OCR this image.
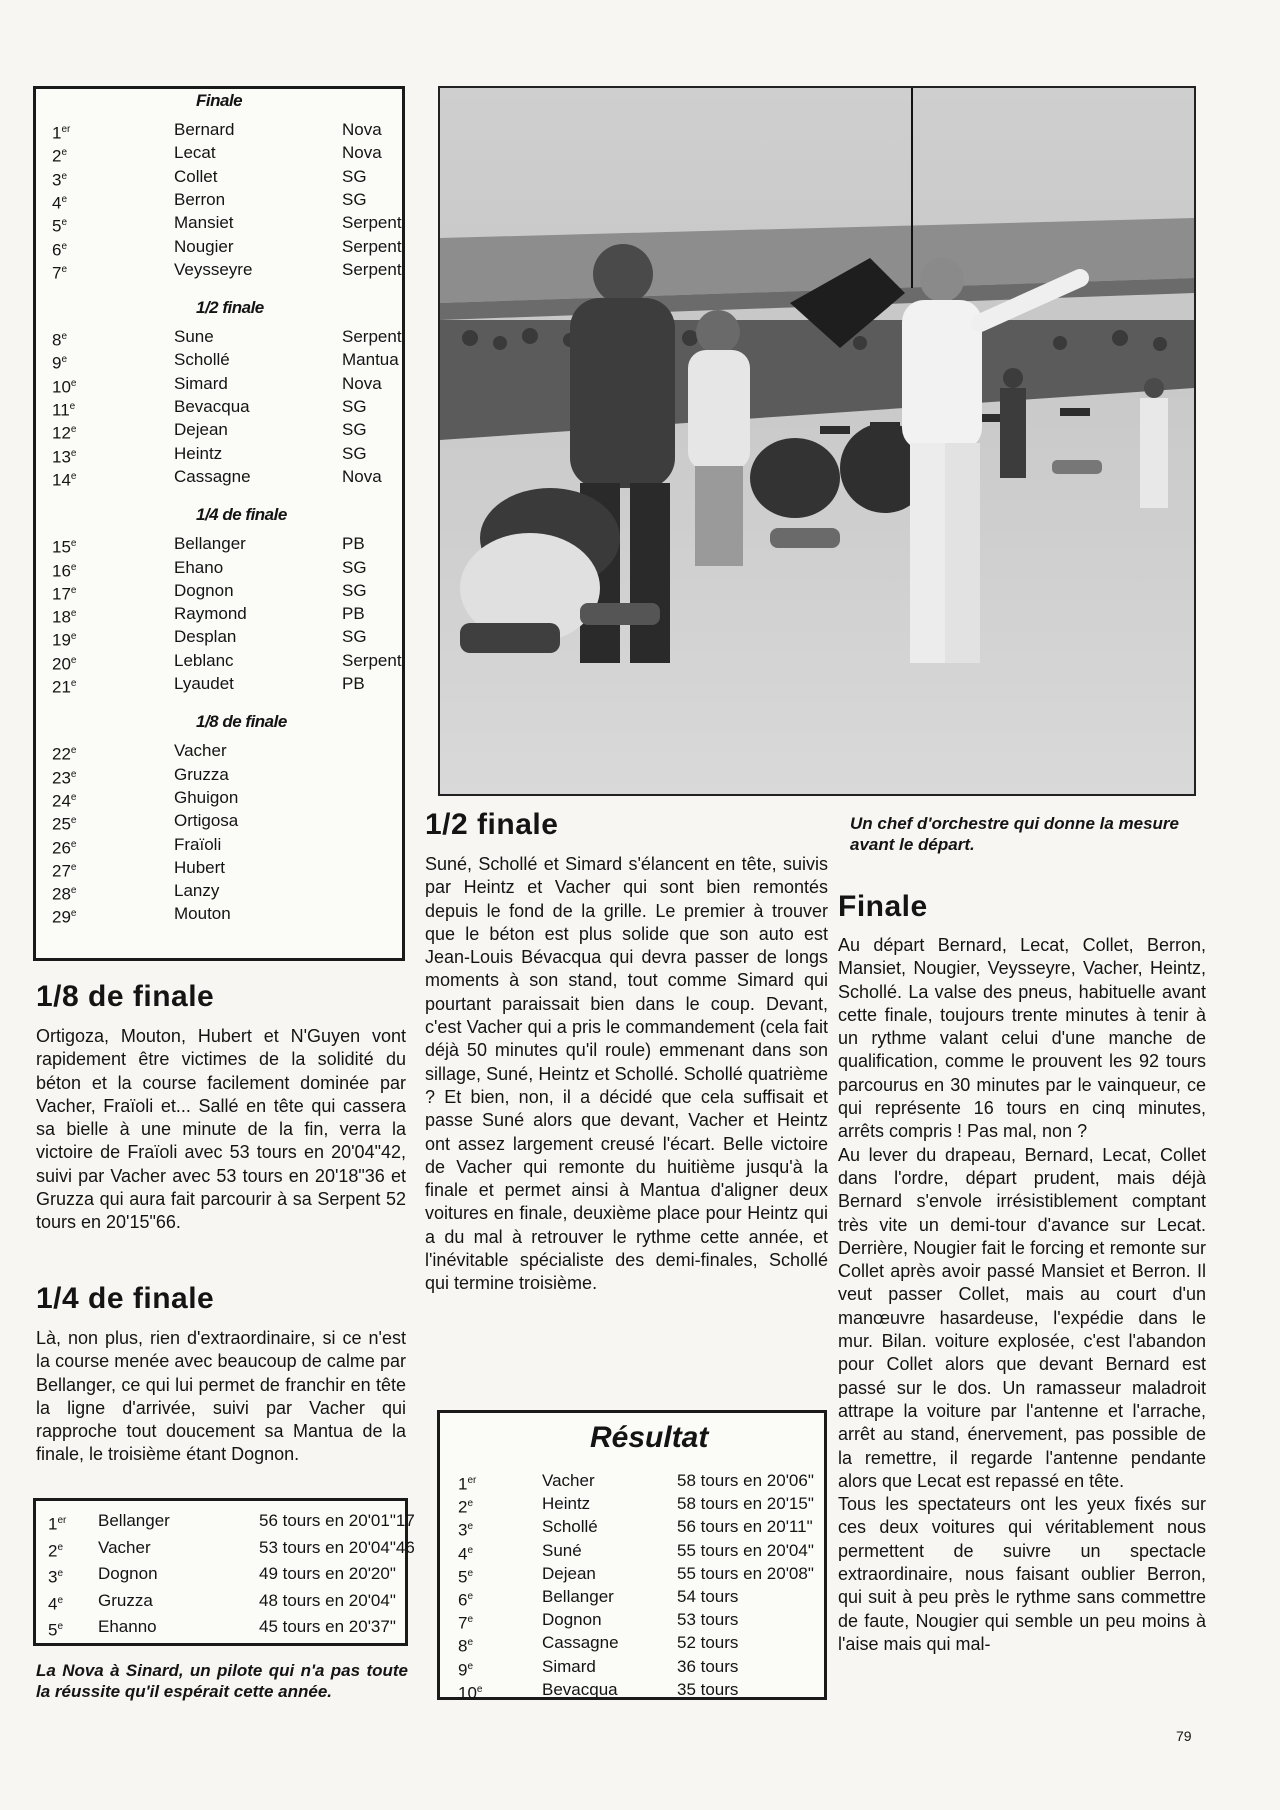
Finale
1er	Bernard	Nova
2e	Lecat	Nova
3e	Collet	SG
4e	Berron	SG
5e	Mansiet	Serpent
6e	Nougier	Serpent
7e	Veysseyre	Serpent
1/2 finale
8e	Sune	Serpent
9e	Schollé	Mantua
10e	Simard	Nova
11e	Bevacqua	SG
12e	Dejean	SG
13e	Heintz	SG
14e	Cassagne	Nova
1/4 de finale
15e	Bellanger	PB
16e	Ehano	SG
17e	Dognon	SG
18e	Raymond	PB
19e	Desplan	SG
20e	Leblanc	Serpent
21e	Lyaudet	PB
1/8 de finale
22e	Vacher
23e	Gruzza
24e	Ghuigon
25e	Ortigosa
26e	Fraïoli
27e	Hubert
28e	Lanzy
29e	Mouton
1/8 de finale
Ortigoza, Mouton, Hubert et N'Guyen vont rapidement être victimes de la solidité du béton et la course facilement dominée par Vacher, Fraïoli et... Sallé en tête qui cassera sa bielle à une minute de la fin, verra la victoire de Fraïoli avec 53 tours en 20'04"42, suivi par Vacher avec 53 tours en 20'18"36 et Gruzza qui aura fait parcourir à sa Serpent 52 tours en 20'15"66.
1/4 de finale
Là, non plus, rien d'extraordinaire, si ce n'est la course menée avec beaucoup de calme par Bellanger, ce qui lui permet de franchir en tête la ligne d'arrivée, suivi par Vacher qui rapproche tout doucement sa Mantua de la finale, le troisième étant Dognon.
1er Bellanger	56 tours en 20'01"17
2e Vacher	53 tours en 20'04"46
3e Dognon	49 tours en 20'20"
4e Gruzza	48 tours en 20'04"
5e Ehanno	45 tours en 20'37"
La Nova à Sinard, un pilote qui n'a pas toute la réussite qu'il espérait cette année.
1/2 finale
Suné, Schollé et Simard s'élancent en tête, suivis par Heintz et Vacher qui sont bien remontés depuis le fond de la grille. Le premier à trouver que le béton est plus solide que son auto est Jean-Louis Bévacqua qui devra passer de longs moments à son stand, tout comme Simard qui pourtant paraissait bien dans le coup. Devant, c'est Vacher qui a pris le commandement (cela fait déjà 50 minutes qu'il roule) emmenant dans son sillage, Suné, Heintz et Schollé. Schollé quatrième ? Et bien, non, il a décidé que cela suffisait et passe Suné alors que devant, Vacher et Heintz ont assez largement creusé l'écart. Belle victoire de Vacher qui remonte du huitième jusqu'à la finale et permet ainsi à Mantua d'aligner deux voitures en finale, deuxième place pour Heintz qui a du mal à retrouver le rythme cette année, et l'inévitable spécialiste des demi-finales, Schollé qui termine troisième.
Résultat
1er	Vacher	58 tours en 20'06"
2e	Heintz	58 tours en 20'15"
3e	Schollé	56 tours en 20'11"
4e	Suné	55 tours en 20'04"
5e	Dejean	55 tours en 20'08"
6e	Bellanger	54 tours
7e	Dognon	53 tours
8e	Cassagne	52 tours
9e	Simard	36 tours
10e	Bevacqua	35 tours
Un chef d'orchestre qui donne la mesure avant le départ.
Finale
Au départ Bernard, Lecat, Collet, Berron, Mansiet, Nougier, Veysseyre, Vacher, Heintz, Schollé. La valse des pneus, habituelle avant cette finale, toujours trente minutes à tenir à un rythme valant celui d'une manche de qualification, comme le prouvent les 92 tours parcourus en 30 minutes par le vainqueur, ce qui représente 16 tours en cinq minutes, arrêts compris ! Pas mal, non ?
Au lever du drapeau, Bernard, Lecat, Collet dans l'ordre, départ prudent, mais déjà Bernard s'envole irrésistiblement comptant très vite un demi-tour d'avance sur Lecat. Derrière, Nougier fait le forcing et remonte sur Collet après avoir passé Mansiet et Berron. Il veut passer Collet, mais au court d'un manœuvre hasardeuse, l'expédie dans le mur. Bilan. voiture explosée, c'est l'abandon pour Collet alors que devant Bernard est passé sur le dos. Un ramasseur maladroit attrape la voiture par l'antenne et l'arrache, arrêt au stand, énervement, pas possible de la remettre, il regarde l'antenne pendante alors que Lecat est repassé en tête.
Tous les spectateurs ont les yeux fixés sur ces deux voitures qui véritablement nous permettent de suivre un spectacle extraordinaire, nous faisant oublier Berron, qui suit à peu près le rythme sans commettre de faute, Nougier qui semble un peu moins à l'aise mais qui mal-
79
